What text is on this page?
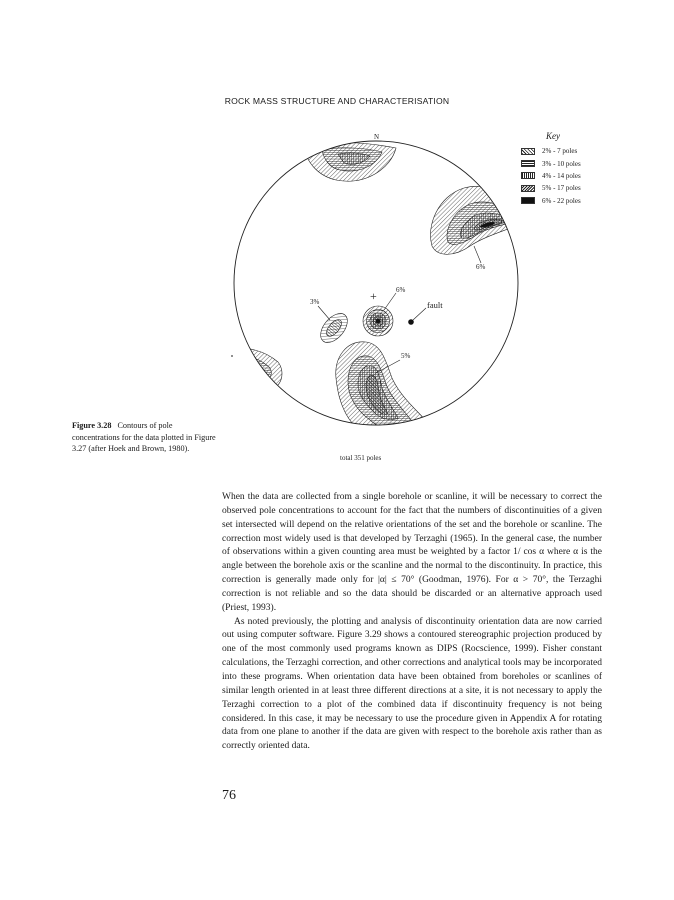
ROCK MASS STRUCTURE AND CHARACTERISATION
N
6%
+	6%
3%	fault
5%
total 351 poles
Key
2% - 7 poles
3% - 10 poles
4% - 14 poles
5% - 17 poles
6% - 22 poles
Figure 3.28 Contours of pole concentrations for the data plotted in Figure 3.27 (after Hoek and Brown, 1980).

When the data are collected from a single borehole or scanline, it will be necessary to correct the observed pole concentrations to account for the fact that the numbers of discontinuities of a given set intersected will depend on the relative orientations of the set and the borehole or scanline. The correction most widely used is that developed by Terzaghi (1965). In the general case, the number of observations within a given counting area must be weighted by a factor 1/ cos α where α is the angle between the borehole axis or the scanline and the normal to the discontinuity. In practice, this correction is generally made only for |α| ≤ 70° (Goodman, 1976). For α > 70°, the Terzaghi correction is not reliable and so the data should be discarded or an alternative approach used (Priest, 1993).

As noted previously, the plotting and analysis of discontinuity orientation data are now carried out using computer software. Figure 3.29 shows a contoured stereographic projection produced by one of the most commonly used programs known as DIPS (Rocscience, 1999). Fisher constant calculations, the Terzaghi correction, and other corrections and analytical tools may be incorporated into these programs. When orientation data have been obtained from boreholes or scanlines of similar length oriented in at least three different directions at a site, it is not necessary to apply the Terzaghi correction to a plot of the combined data if discontinuity frequency is not being considered. In this case, it may be necessary to use the procedure given in Appendix A for rotating data from one plane to another if the data are given with respect to the borehole axis rather than as correctly oriented data.

76
